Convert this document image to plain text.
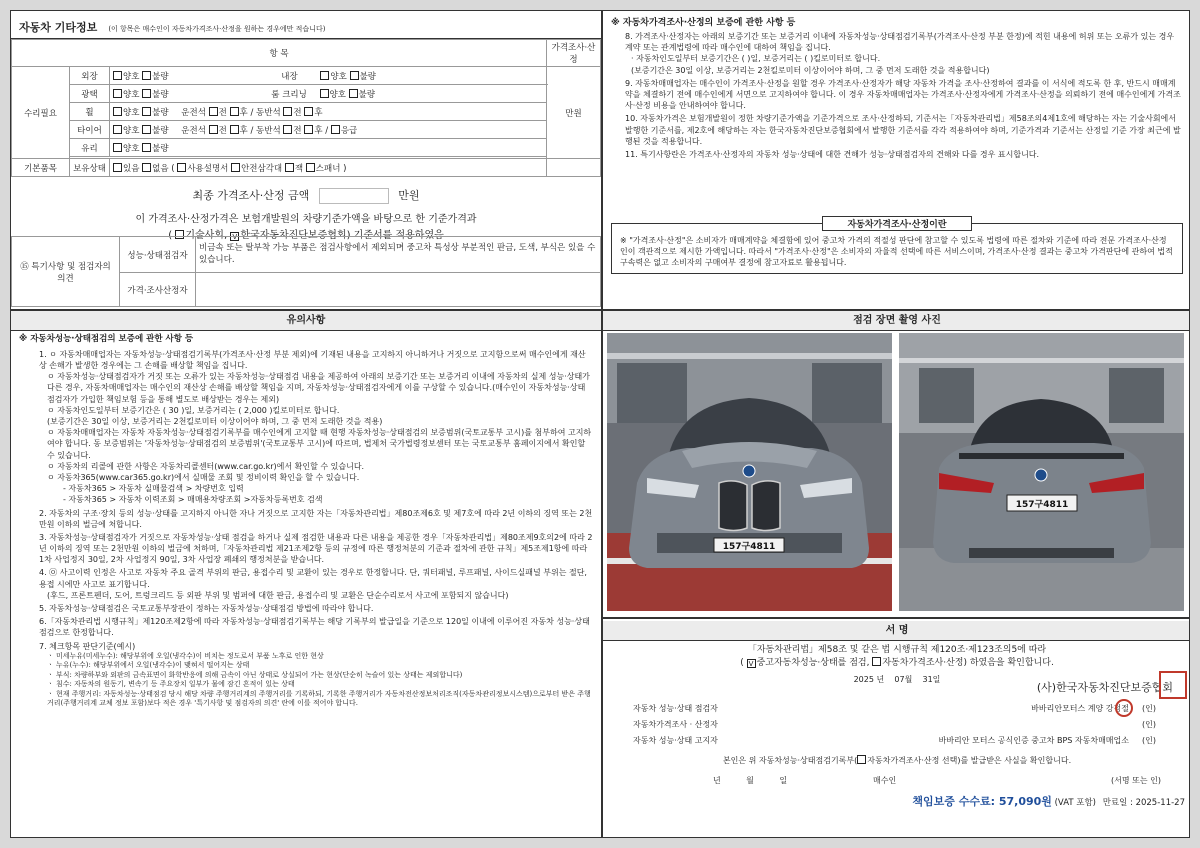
자동차 기타정보 (이 항목은 매수인이 자동차가격조사·산정을 원하는 경우에만 적습니다)
항 목			가격조사·산정
수리필요	외장	양호 불량 내장 양호 불량	만원
	광택	양호 불량 룸 크리닝 양호 불량	
	휠	양호 불량 운전석 전 후 / 동반석 전 후	
	타이어	양호 불량 운전석 전 후 / 동반석 전 후 / 응급	
	유리	양호 불량	

기본품목	보유상태	있음 없음 ( 사용설명서 안전삼각대 잭 스패너 )	
최종 가격조사·산정 금액	만원
이 가격조사·산정가격은 보험개발원의 차량기준가액을 바탕으로 한 기준가격과
( 기술사회, V 한국자동차진단보증협회) 기준서를 적용하였음
⑮ 특기사항 및 점검자의 의견	성능·상태점검자	비금속 또는 탈부착 가능 부품은 점검사항에서 제외되며 중고차 특성상 부분적인 판금, 도색, 부식은 있을 수 있습니다.
	가격·조사산정자	
※ 자동차가격조사·산정의 보증에 관한 사항 등
8. 가격조사·산정자는 아래의 보증기간 또는 보증거리 이내에 자동차성능·상태점검기록부(가격조사·산정 부분 한정)에 적힌 내용에 허위 또는 오류가 있는 경우 계약 또는 관계법령에 따라 매수인에 대하여 책임을 집니다.
· 자동차인도일부터 보증기간은 ( )일, 보증거리는 ( )킬로미터로 합니다.
(보증기간은 30일 이상, 보증거리는 2천킬로미터 이상이어야 하며, 그 중 먼저 도래한 것을 적용합니다)
9. 자동차매매업자는 매수인이 가격조사·산정을 원할 경우 가격조사·산정자가 해당 자동차 가격을 조사·산정하여 결과를 이 서식에 적도록 한 후, 반드시 매매계약을 체결하기 전에 매수인에게 서면으로 고지하여야 합니다. 이 경우 자동차매매업자는 가격조사·산정자에게 가격조사·산정을 의뢰하기 전에 매수인에게 가격조사·산정 비용을 안내하여야 합니다.
10. 자동차가격은 보험개발원이 정한 차량기준가액을 기준가격으로 조사·산정하되, 기준서는「자동차관리법」제58조의4제1호에 해당하는 자는 기술사회에서 발행한 기준서를, 제2호에 해당하는 자는 한국자동차진단보증협회에서 발행한 기준서를 각각 적용하여야 하며, 기준가격과 기준서는 산정일 기준 가장 최근에 발행된 것을 적용합니다.
11. 특기사항란은 가격조사·산정자의 자동차 성능·상태에 대한 견해가 성능·상태점검자의 견해와 다를 경우 표시합니다.
자동차가격조사·산정이란
※ "가격조사·산정"은 소비자가 매매계약을 체결함에 있어 중고차 가격의 적절성 판단에 참고할 수 있도록 법령에 따른 절차와 기준에 따라 전문 가격조사·산정인이 객관적으로 제시한 가액입니다. 따라서 "가격조사·산정"은 소비자의 자율적 선택에 따른 서비스이며, 가격조사·산정 결과는 중고차 가격판단에 관하여 법적 구속력은 없고 소비자의 구매여부 결정에 참고자료로 활용됩니다.
유의사항
※ 자동차성능·상태점검의 보증에 관한 사항 등
1. ㅇ 자동차매매업자는 자동차성능·상태점검기록부(가격조사·산정 부분 제외)에 기재된 내용을 고지하지 아니하거나 거짓으로 고지함으로써 매수인에게 재산상 손해가 발생한 경우에는 그 손해를 배상할 책임을 집니다.
ㅇ 자동차성능·상태점검자가 거짓 또는 오류가 있는 자동차성능·상태점검 내용을 제공하여 아래의 보증기간 또는 보증거리 이내에 자동차의 실제 성능·상태가 다른 경우, 자동차매매업자는 매수인의 재산상 손해를 배상할 책임을 지며, 자동차성능·상태점검자에게 이를 구상할 수 있습니다.(매수인이 자동차성능·상태점검자가 가입한 책임보험 등을 통해 별도로 배상받는 경우는 제외)
ㅇ 자동차인도일부터 보증기간은 ( 30 )일, 보증거리는 ( 2,000 )킬로미터로 합니다.
(보증기간은 30일 이상, 보증거리는 2천킬로미터 이상이어야 하며, 그 중 먼저 도래한 것을 적용)
ㅇ 자동차매매업자는 자동차 자동차성능·상태점검기록부를 매수인에게 고지할 때 현행 자동차성능·상태점검의 보증범위(국토교통부 고시)를 첨부하여 고지하여야 합니다. 동 보증범위는 '자동차성능·상태점검의 보증범위'(국토교통부 고시)에 따르며, 법제처 국가법령정보센터 또는 국토교통부 홈페이지에서 확인할 수 있습니다.
ㅇ 자동차의 리콜에 관한 사항은 자동차리콜센터(www.car.go.kr)에서 확인할 수 있습니다.
ㅇ 자동차365(www.car365.go.kr)에서 실매물 조회 및 정비이력 확인을 할 수 있습니다.
- 자동차365 > 자동차 실매물검색 > 차량번호 입력
- 자동차365 > 자동차 이력조회 > 매매용차량조회 >자동차등록번호 검색
2. 자동차의 구조·장치 등의 성능·상태를 고지하지 아니한 자나 거짓으로 고지한 자는「자동차관리법」제80조제6호 및 제7호에 따라 2년 이하의 징역 또는 2천만원 이하의 벌금에 처합니다.
3. 자동차성능·상태점검자가 거짓으로 자동차성능·상태 점검을 하거나 실제 점검한 내용과 다른 내용을 제공한 경우「자동차관리법」제80조제9호의2에 따라 2년 이하의 징역 또는 2천만원 이하의 벌금에 처하며,「자동차관리법 제21조제2항 등의 규정에 따른 행정처분의 기준과 절차에 관한 규칙」제5조제1항에 따라 1차 사업정지 30일, 2차 사업정지 90일, 3차 사업장 폐쇄의 행정처분을 받습니다.
4. ㉧ 사고이력 인정은 사고로 자동차 주요 골격 부위의 판금, 용접수리 및 교환이 있는 경우로 한정합니다. 단, 쿼터패널, 루프패널, 사이드실패널 부위는 절단, 용접 시에만 사고로 표기합니다.
(후드, 프론트펜더, 도어, 트렁크리드 등 외판 부위 및 범퍼에 대한 판금, 용접수리 및 교환은 단순수리로서 사고에 포함되지 않습니다)
5. 자동차성능·상태점검은 국토교통부장관이 정하는 자동차성능·상태점검 방법에 따라야 합니다.
6.「자동차관리법 시행규칙」제120조제2항에 따라 자동차성능·상태점검기록부는 해당 기록부의 발급일을 기준으로 120일 이내에 이루어진 자동차 성능·상태점검으로 한정합니다.
7. 체크항목 판단기준(예시)
ㆍ 미세누유(미세누수): 해당부위에 오일(냉각수)이 비치는 정도로서 부품 노후로 인한 현상
ㆍ 누유(누수): 해당부위에서 오일(냉각수)이 맺혀서 떨어지는 상태
ㆍ 부식: 차량하부와 외판의 금속표면이 화학반응에 의해 금속이 아닌 상태로 상실되어 가는 현상(단순히 녹슬어 있는 상태는 제외합니다)
ㆍ 침수: 자동차의 원동기, 변속기 등 주요장치 일부가 물에 잠긴 흔적이 있는 상태
ㆍ 현재 주행거리: 자동차성능·상태점검 당시 해당 차량 주행거리계의 주행거리를 기록하되, 기록한 주행거리가 자동차전산정보처리조직(자동차관리정보시스템)으로부터 받은 주행거리(주행거리계 교체 정보 포함)보다 적은 경우 '특기사항 및 점검자의 의견' 란에 이를 적어야 합니다.
점검 장면 촬영 사진
157구4811
157구4811
서 명
「자동차관리법」제58조 및 같은 법 시행규칙 제120조·제123조의5에 따라
( V 중고자동차성능·상태를 점검, 자동차가격조사·산정) 하였음을 확인합니다.
2025 년 07월 31일
(사)한국자동차진단보증협회
자동차 성능·상태 점검자	바바리안모터스 계양 강정절	(인)
자동차가격조사 · 산정자	(인)
자동차 성능·상태 고지자	바바리안 모터스 공식인증 중고차 BPS 자동차매매업소	(인)
본인은 위 자동차성능·상태점검기록부( 자동차가격조사·산정 선택)를 발급받은 사실을 확인합니다.
년          월          일	매수인	(서명 또는 인)
책임보증 수수료: 57,090원 (VAT 포함) 만료일 : 2025-11-27
